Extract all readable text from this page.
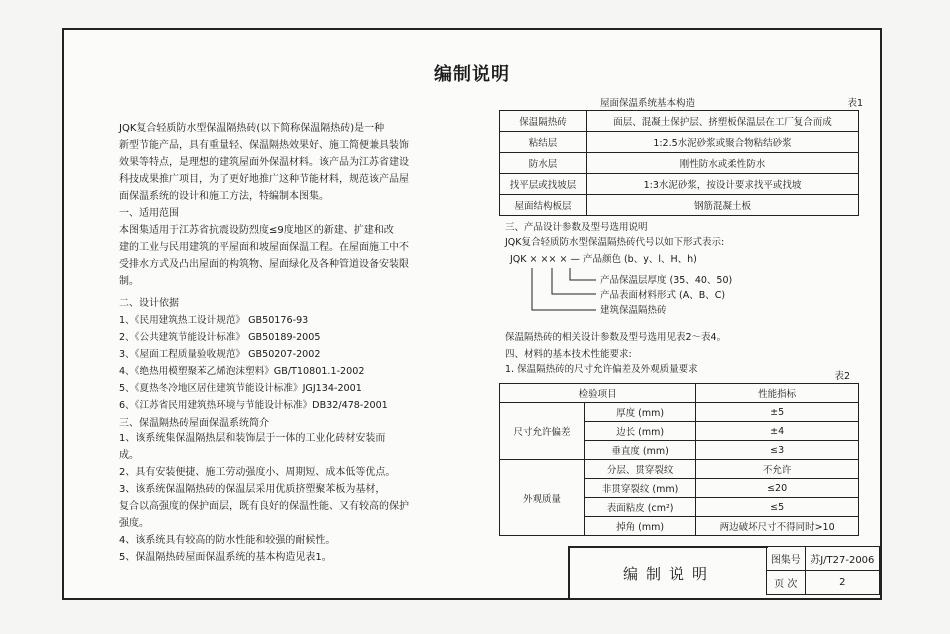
编制说明
JQK复合轻质防水型保温隔热砖(以下简称保温隔热砖)是一种
新型节能产品，具有重量轻、保温隔热效果好、施工简便兼具装饰
效果等特点，是理想的建筑屋面外保温材料。该产品为江苏省建设
科技成果推广项目，为了更好地推广这种节能材料，规范该产品屋
面保温系统的设计和施工方法，特编制本图集。
一、适用范围
本图集适用于江苏省抗震设防烈度≤9度地区的新建、扩建和改
建的工业与民用建筑的平屋面和坡屋面保温工程。在屋面施工中不
受排水方式及凸出屋面的构筑物、屋面绿化及各种管道设备安装限
制。
二、设计依据
1、《民用建筑热工设计规范》 GB50176-93
2、《公共建筑节能设计标准》 GB50189-2005
3、《屋面工程质量验收规范》 GB50207-2002
4、《绝热用模塑聚苯乙烯泡沫塑料》GB/T10801.1-2002
5、《夏热冬冷地区居住建筑节能设计标准》JGJ134-2001
6、《江苏省民用建筑热环境与节能设计标准》DB32/478-2001
三、保温隔热砖屋面保温系统简介
1、该系统集保温隔热层和装饰层于一体的工业化砖材安装而
成。
2、具有安装便捷、施工劳动强度小、周期短、成本低等优点。
3、该系统保温隔热砖的保温层采用优质挤塑聚苯板为基材，
复合以高强度的保护面层，既有良好的保温性能、又有较高的保护
强度。
4、该系统具有较高的防水性能和较强的耐候性。
5、保温隔热砖屋面保温系统的基本构造见表1。
屋面保温系统基本构造	表1
保温隔热砖	面层、混凝土保护层、挤塑板保温层在工厂复合而成
粘结层	1:2.5水泥砂浆或聚合物粘结砂浆
防水层	刚性防水或柔性防水
找平层或找坡层	1:3水泥砂浆，按设计要求找平或找坡
屋面结构板层	钢筋混凝土板
三、产品设计参数及型号选用说明
JQK复合轻质防水型保温隔热砖代号以如下形式表示:
JQK × ×× × — 产品颜色 (b、y、l、H、h)
产品保温层厚度 (35、40、50)
产品表面材料形式 (A、B、C)
建筑保温隔热砖
保温隔热砖的相关设计参数及型号选用见表2～表4。
四、材料的基本技术性能要求:
1. 保温隔热砖的尺寸允许偏差及外观质量要求
表2
检验项目		性能指标
尺寸允许偏差	厚度 (mm)	±5
	边长 (mm)	±4
	垂直度 (mm)	≤3
外观质量	分层、贯穿裂纹	不允许
	非贯穿裂纹 (mm)	≤20
	表面粘皮 (cm²)	≤5
	掉角 (mm)	两边破坏尺寸不得同时>10
编制说明
图集号	苏J/T27-2006
页 次	2
